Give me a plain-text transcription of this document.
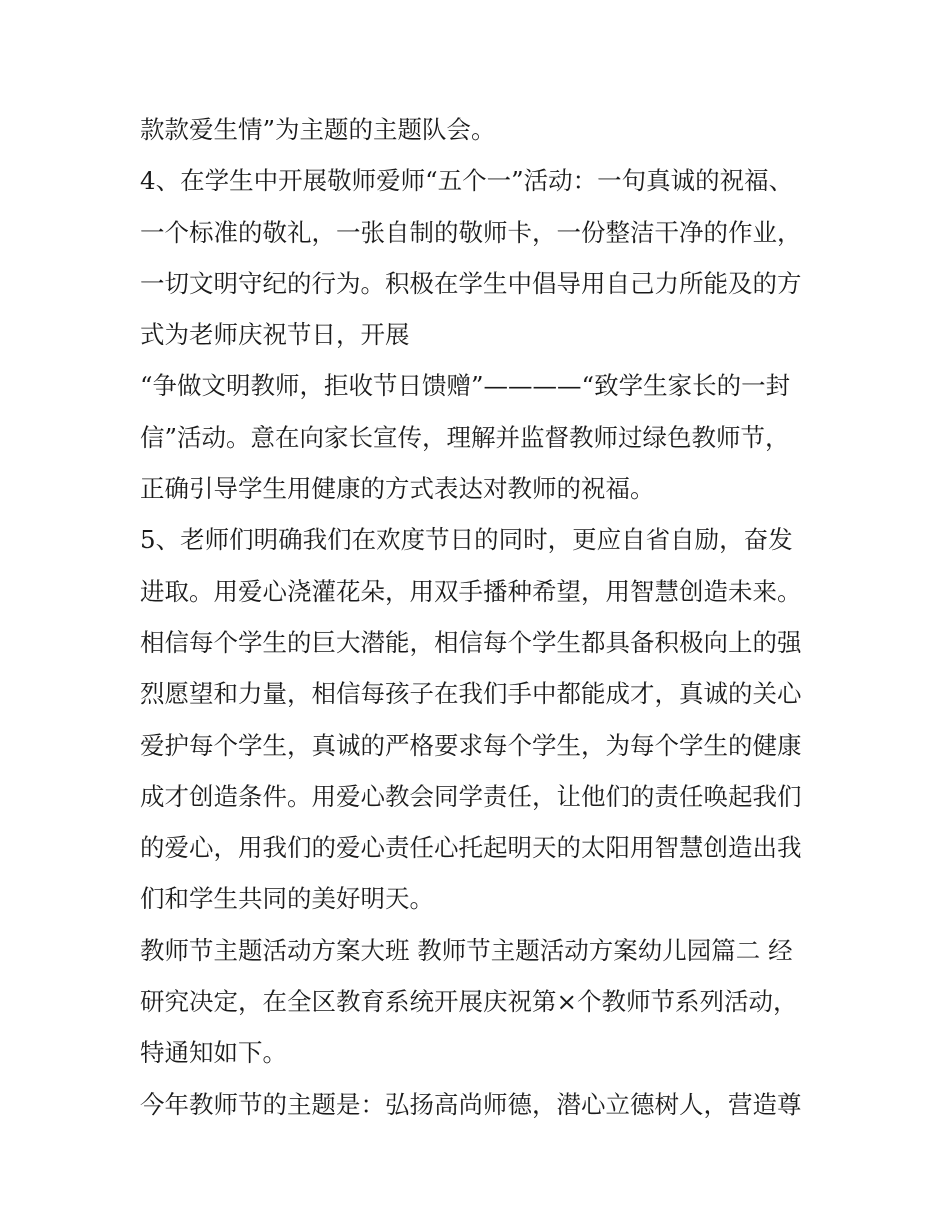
款款爱生情”为主题的主题队会。
4、在学生中开展敬师爱师“五个一”活动：一句真诚的祝福、
一个标准的敬礼，一张自制的敬师卡，一份整洁干净的作业，
一切文明守纪的行为。积极在学生中倡导用自己力所能及的方
式为老师庆祝节日，开展
“争做文明教师，拒收节日馈赠”————“致学生家长的一封
信”活动。意在向家长宣传，理解并监督教师过绿色教师节，
正确引导学生用健康的方式表达对教师的祝福。
5、老师们明确我们在欢度节日的同时，更应自省自励，奋发
进取。用爱心浇灌花朵，用双手播种希望，用智慧创造未来。
相信每个学生的巨大潜能，相信每个学生都具备积极向上的强
烈愿望和力量，相信每孩子在我们手中都能成才，真诚的关心
爱护每个学生，真诚的严格要求每个学生，为每个学生的健康
成才创造条件。用爱心教会同学责任，让他们的责任唤起我们
的爱心，用我们的爱心责任心托起明天的太阳用智慧创造出我
们和学生共同的美好明天。
教师节主题活动方案大班 教师节主题活动方案幼儿园篇二 经
研究决定，在全区教育系统开展庆祝第×个教师节系列活动，
特通知如下。
今年教师节的主题是：弘扬高尚师德，潜心立德树人，营造尊
